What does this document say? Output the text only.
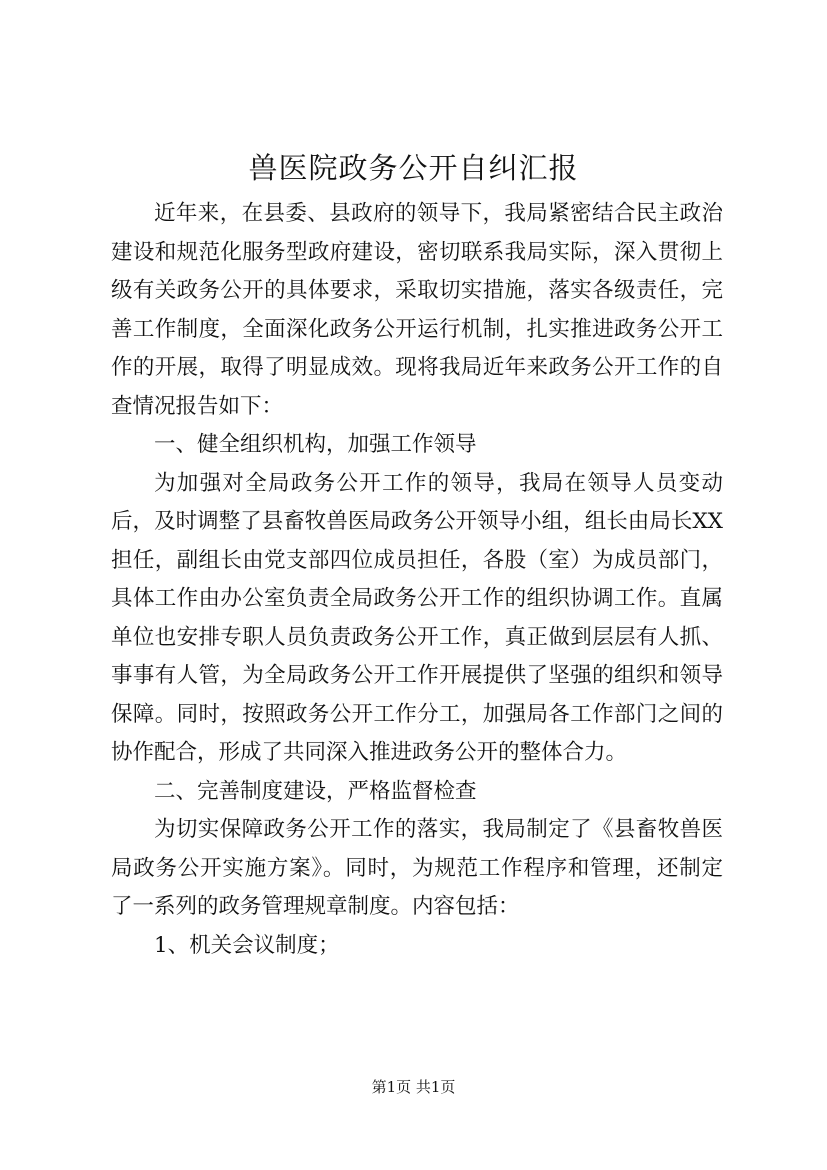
兽医院政务公开自纠汇报

近年来，在县委、县政府的领导下，我局紧密结合民主政治建设和规范化服务型政府建设，密切联系我局实际，深入贯彻上级有关政务公开的具体要求，采取切实措施，落实各级责任，完善工作制度，全面深化政务公开运行机制，扎实推进政务公开工作的开展，取得了明显成效。现将我局近年来政务公开工作的自查情况报告如下：

一、健全组织机构，加强工作领导

为加强对全局政务公开工作的领导，我局在领导人员变动后，及时调整了县畜牧兽医局政务公开领导小组，组长由局长XX担任，副组长由党支部四位成员担任，各股（室）为成员部门，具体工作由办公室负责全局政务公开工作的组织协调工作。直属单位也安排专职人员负责政务公开工作，真正做到层层有人抓、事事有人管，为全局政务公开工作开展提供了坚强的组织和领导保障。同时，按照政务公开工作分工，加强局各工作部门之间的协作配合，形成了共同深入推进政务公开的整体合力。

二、完善制度建设，严格监督检查

为切实保障政务公开工作的落实，我局制定了《县畜牧兽医局政务公开实施方案》。同时，为规范工作程序和管理，还制定了一系列的政务管理规章制度。内容包括：

1、机关会议制度；

第1页 共1页
